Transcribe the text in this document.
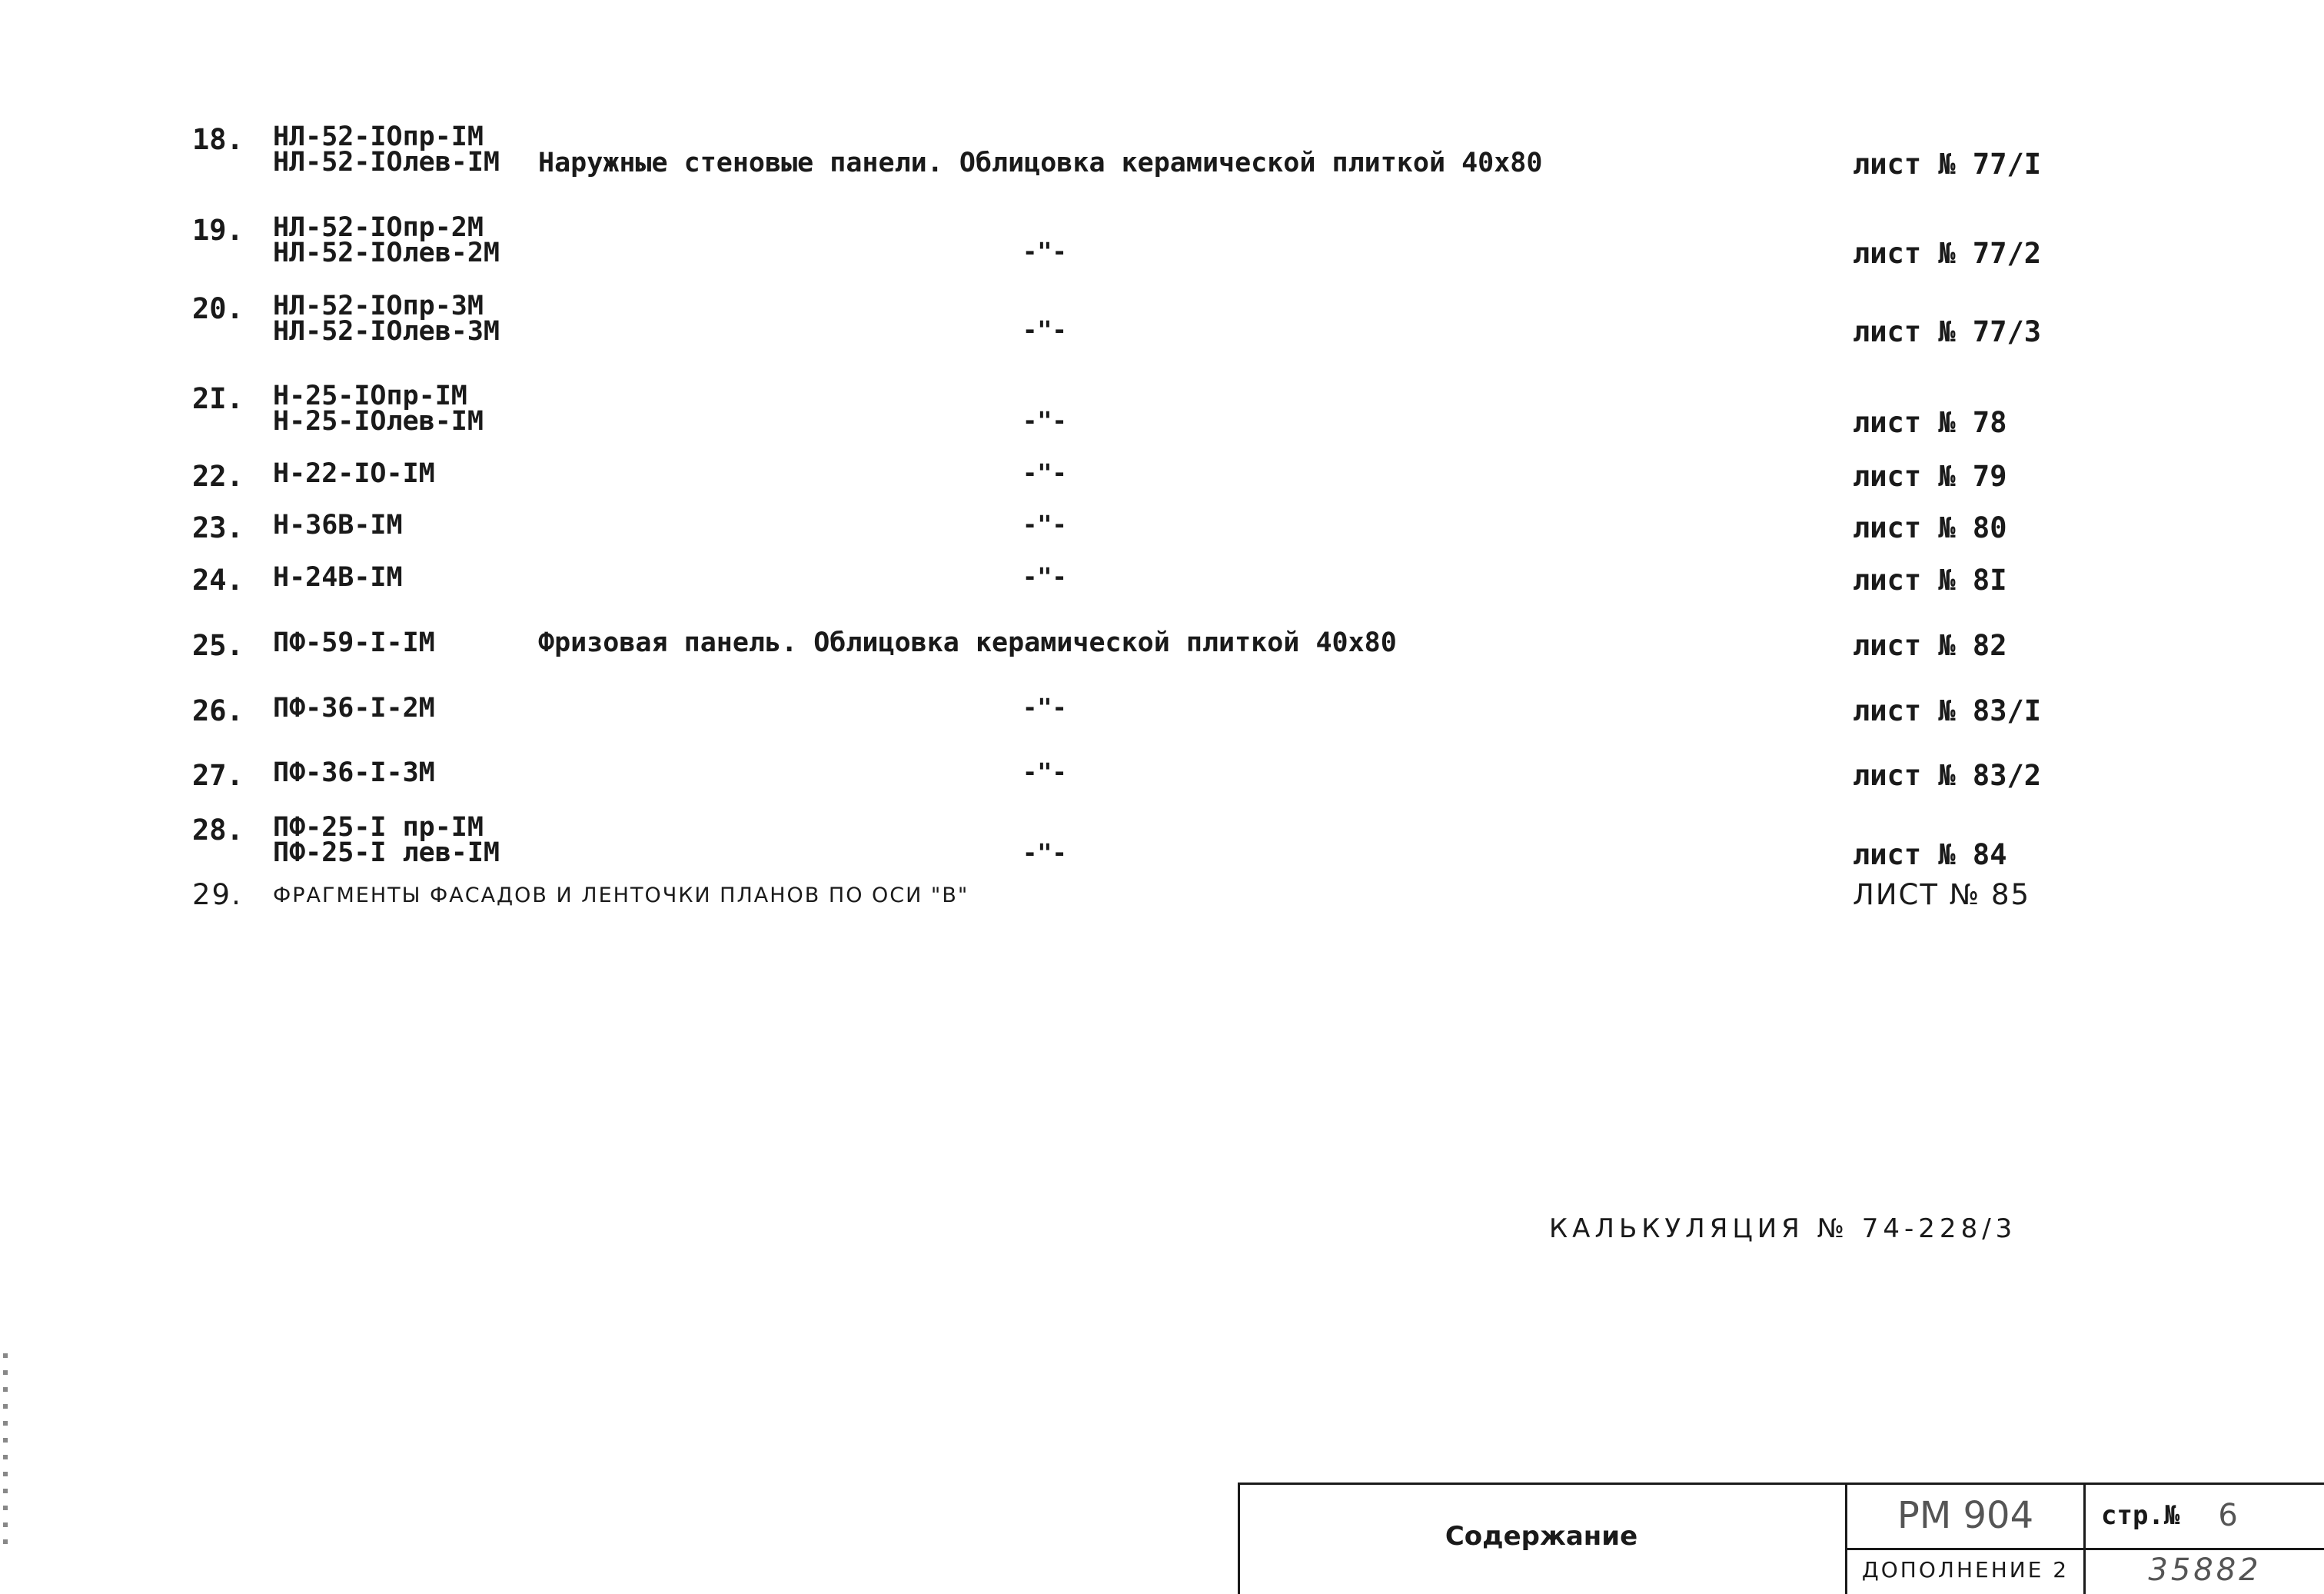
18. НЛ-52-IОпр-IМ
НЛ-52-IОлев-IМ Наружные стеновые панели. Облицовка керамической плиткой 40x80	лист № 77/I
19. НЛ-52-IОпр-2М
НЛ-52-IОлев-2М	-"-	лист № 77/2
20. НЛ-52-IОпр-3М
НЛ-52-IОлев-3М	-"-	лист № 77/3
2I. Н-25-IОпр-IМ
Н-25-IОлев-IМ	-"-	лист № 78
22. Н-22-IО-IМ	-"-	лист № 79
23. Н-36В-IМ	-"-	лист № 80
24. Н-24В-IМ	-"-	лист № 8I
25. ПФ-59-I-IМ	Фризовая панель. Облицовка керамической плиткой 40x80	лист № 82
26. ПФ-36-I-2М	-"-	лист № 83/I
27. ПФ-36-I-3М	-"-	лист № 83/2
28. ПФ-25-I пр-IМ
ПФ-25-I лев-IМ	-"-	лист № 84
29. ФРАГМЕНТЫ ФАСАДОВ И ЛЕНТОЧКИ ПЛАНОВ ПО ОСИ "В"	ЛИСТ № 85
КАЛЬКУЛЯЦИЯ № 74-228/3
Содержание	РМ 904	стр.№ 6
ДОПОЛНЕНИЕ 2	35882
